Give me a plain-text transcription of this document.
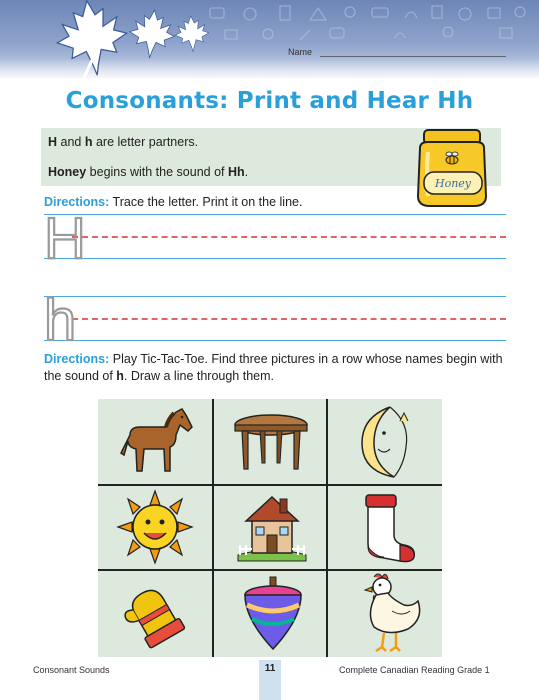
Name
Consonants: Print and Hear Hh
H and h are letter partners.
Honey begins with the sound of Hh.
Honey
Directions: Trace the letter. Print it on the line.
H
h
Directions: Play Tic-Tac-Toe. Find three pictures in a row whose names begin with the sound of h. Draw a line through them.
Consonant Sounds	11	Complete Canadian Reading Grade 1
